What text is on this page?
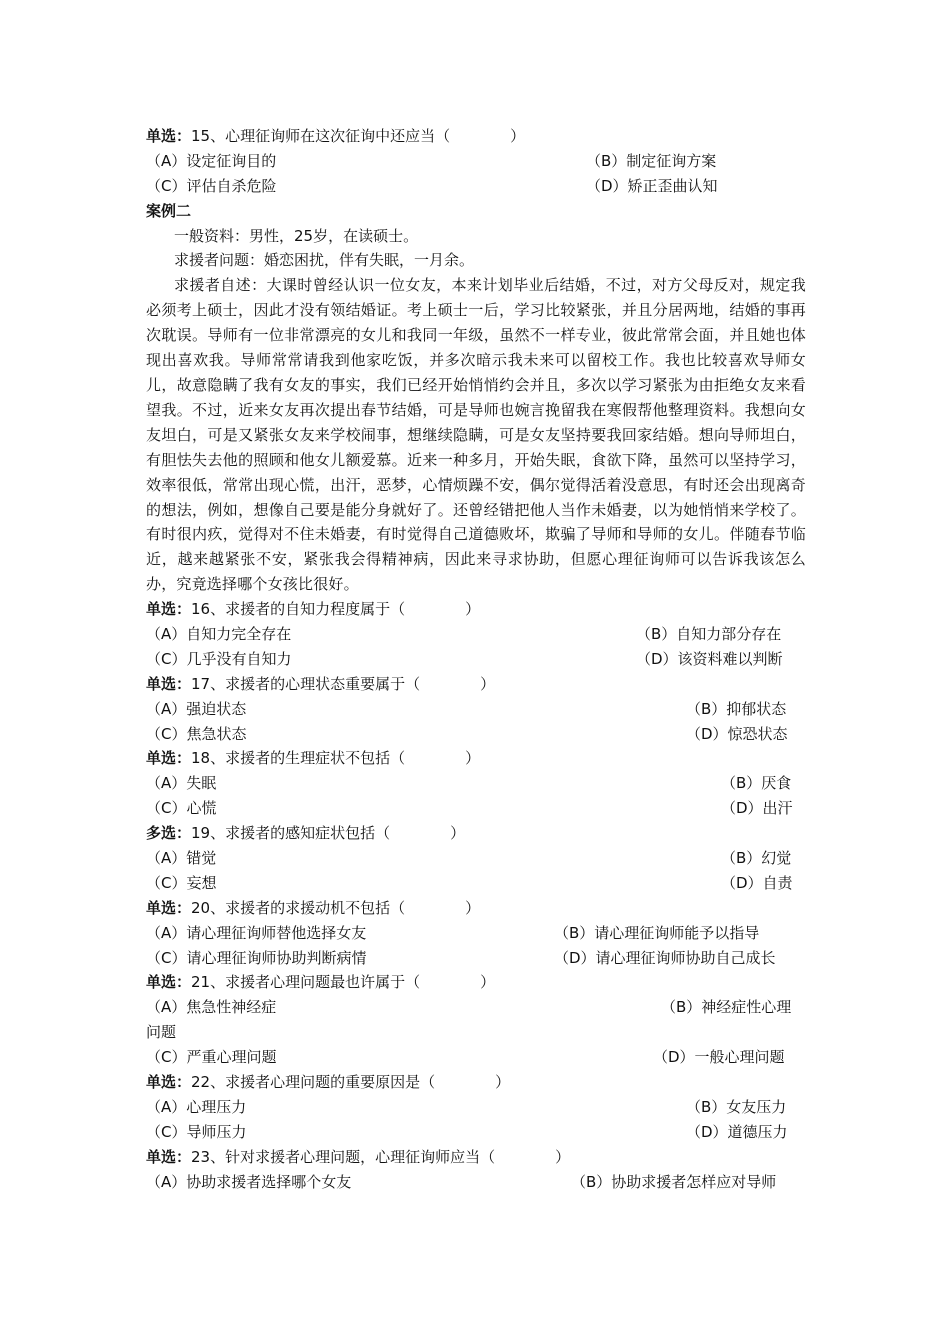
单选：15、心理征询师在这次征询中还应当（　　　　）
（A）设定征询目的	（B）制定征询方案
（C）评估自杀危险	（D）矫正歪曲认知
案例二
一般资料：男性，25岁，在读硕士。
求援者问题：婚恋困扰，伴有失眠，一月余。
求援者自述：大课时曾经认识一位女友，本来计划毕业后结婚，不过，对方父母反对，规定我必须考上硕士，因此才没有领结婚证。考上硕士一后，学习比较紧张，并且分居两地，结婚的事再次耽误。导师有一位非常漂亮的女儿和我同一年级，虽然不一样专业，彼此常常会面，并且她也体现出喜欢我。导师常常请我到他家吃饭，并多次暗示我未来可以留校工作。我也比较喜欢导师女儿，故意隐瞒了我有女友的事实，我们已经开始悄悄约会并且，多次以学习紧张为由拒绝女友来看望我。不过，近来女友再次提出春节结婚，可是导师也婉言挽留我在寒假帮他整理资料。我想向女友坦白，可是又紧张女友来学校闹事，想继续隐瞒，可是女友坚持要我回家结婚。想向导师坦白，有胆怯失去他的照顾和他女儿额爱慕。近来一种多月，开始失眠，食欲下降，虽然可以坚持学习，效率很低，常常出现心慌，出汗，恶梦，心情烦躁不安，偶尔觉得活着没意思，有时还会出现离奇的想法，例如，想像自己要是能分身就好了。还曾经错把他人当作未婚妻，以为她悄悄来学校了。有时很内疚，觉得对不住未婚妻，有时觉得自己道德败坏，欺骗了导师和导师的女儿。伴随春节临近，越来越紧张不安，紧张我会得精神病，因此来寻求协助，但愿心理征询师可以告诉我该怎么办，究竟选择哪个女孩比很好。
单选：16、求援者的自知力程度属于（　　　　）
（A）自知力完全存在	（B）自知力部分存在
（C）几乎没有自知力	（D）该资料难以判断
单选：17、求援者的心理状态重要属于（　　　　）
（A）强迫状态	（B）抑郁状态
（C）焦急状态	（D）惊恐状态
单选：18、求援者的生理症状不包括（　　　　）
（A）失眠	（B）厌食
（C）心慌	（D）出汗
多选：19、求援者的感知症状包括（　　　　）
（A）错觉	（B）幻觉
（C）妄想	（D）自责
单选：20、求援者的求援动机不包括（　　　　）
（A）请心理征询师替他选择女友	（B）请心理征询师能予以指导
（C）请心理征询师协助判断病情	（D）请心理征询师协助自己成长
单选：21、求援者心理问题最也许属于（　　　　）
（A）焦急性神经症	（B）神经症性心理
问题
（C）严重心理问题	（D）一般心理问题
单选：22、求援者心理问题的重要原因是（　　　　）
（A）心理压力	（B）女友压力
（C）导师压力	（D）道德压力
单选：23、针对求援者心理问题，心理征询师应当（　　　　）
（A）协助求援者选择哪个女友	（B）协助求援者怎样应对导师
